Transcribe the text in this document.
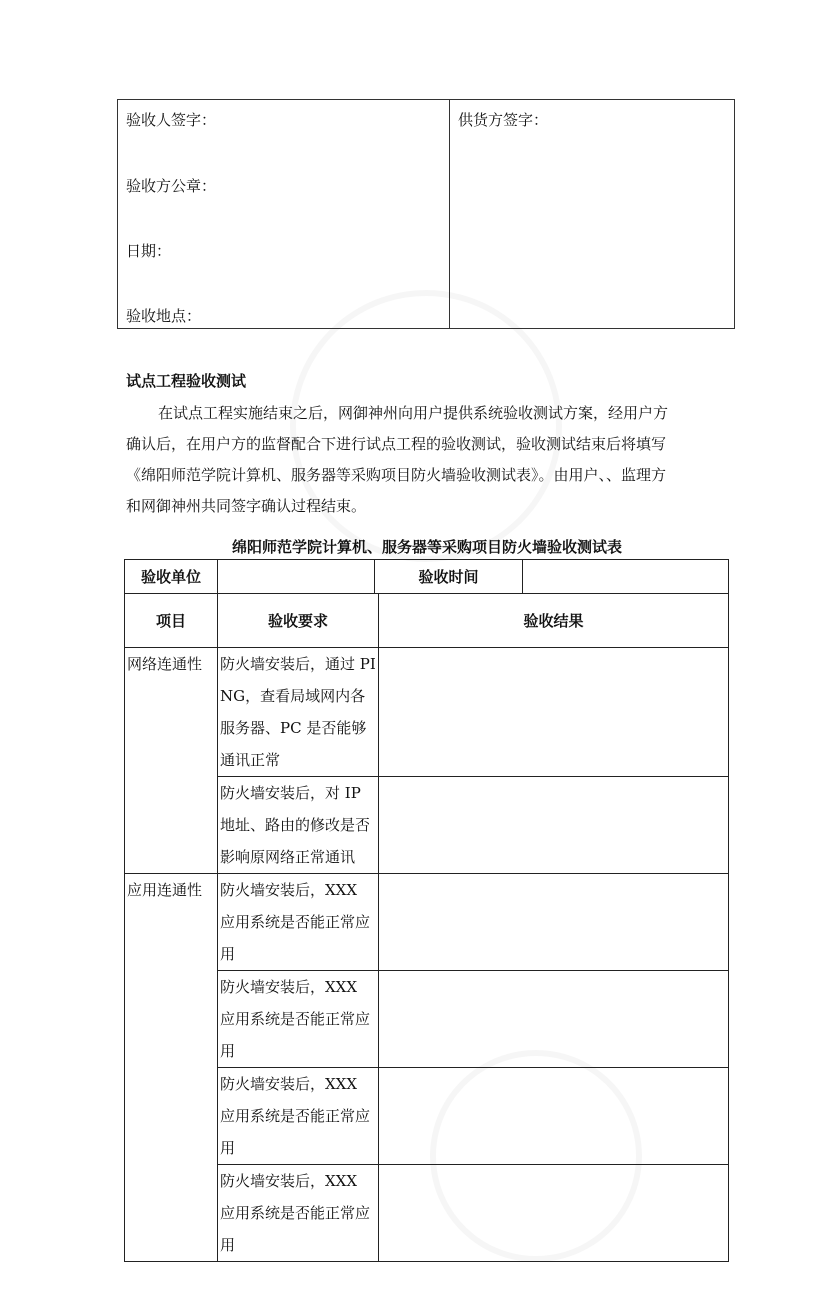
验收人签字：
验收方公章：
日期：
验收地点：
供货方签字：
试点工程验收测试
在试点工程实施结束之后，网御神州向用户提供系统验收测试方案，经用户方
确认后，在用户方的监督配合下进行试点工程的验收测试，验收测试结束后将填写
《绵阳师范学院计算机、服务器等采购项目防火墙验收测试表》。由用户、、监理方
和网御神州共同签字确认过程结束。
绵阳师范学院计算机、服务器等采购项目防火墙验收测试表
验收单位		验收时间		
项目	验收要求		验收结果	
网络连通性	防火墙安装后，通过 PING，查看局域网内各服务器、PC 是否能够通讯正常			
	防火墙安装后，对 IP 地址、路由的修改是否影响原网络正常通讯			
应用连通性	防火墙安装后，XXX 应用系统是否能正常应用			
	防火墙安装后，XXX 应用系统是否能正常应用			
	防火墙安装后，XXX 应用系统是否能正常应用			
	防火墙安装后，XXX 应用系统是否能正常应用			
